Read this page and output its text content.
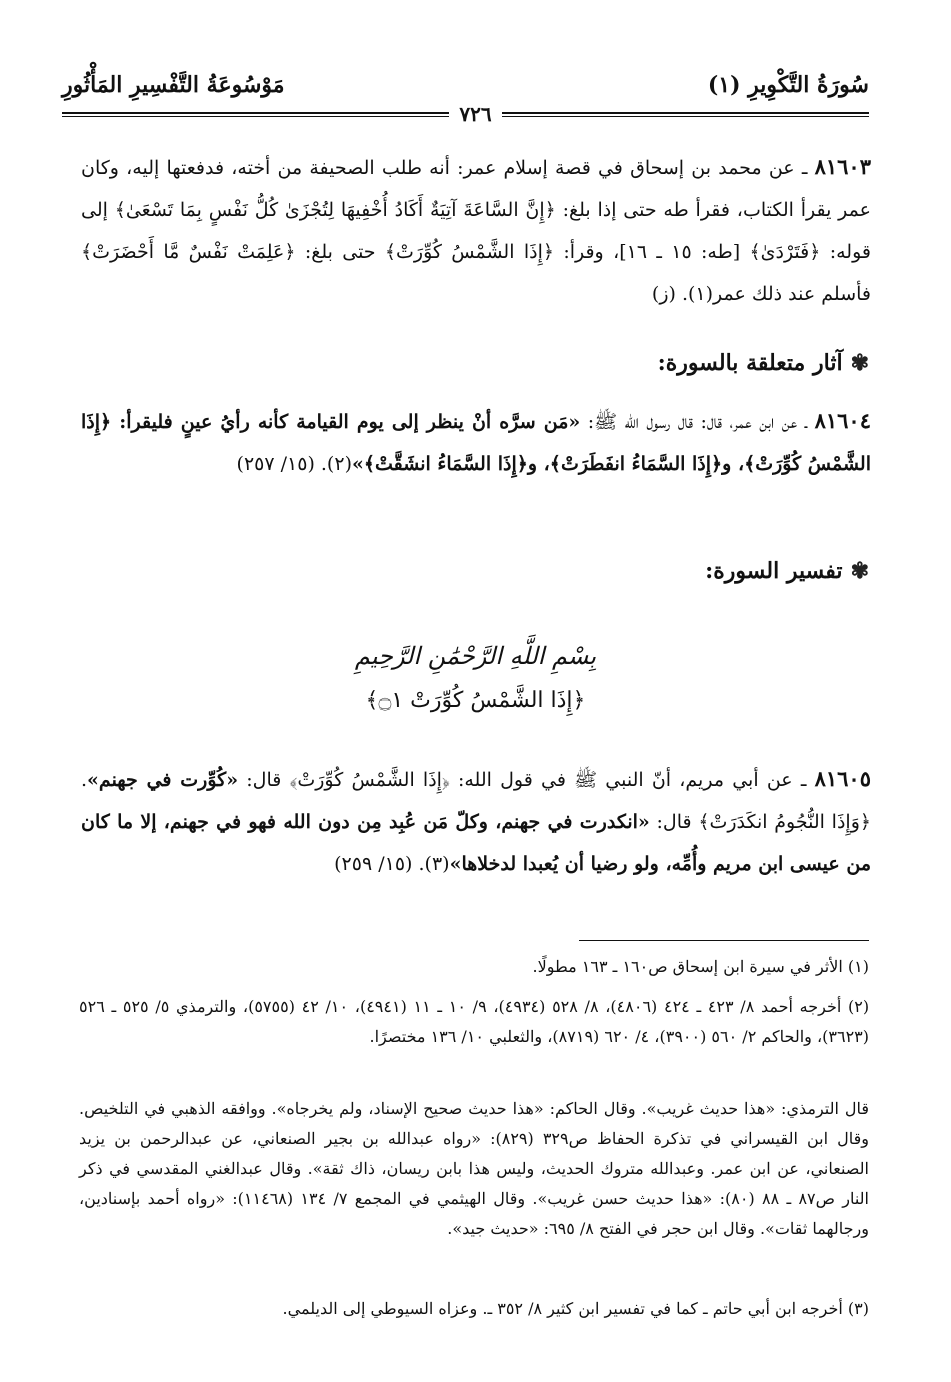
سُورَةُ التَّكْوِيرِ (١)
مَوْسُوعَةُ التَّفْسِيرِ المَأْثُورِ
٧٢٦
٨١٦٠٣ ـ عن محمد بن إسحاق في قصة إسلام عمر: أنه طلب الصحيفة من أخته، فدفعتها إليه، وكان عمر يقرأ الكتاب، فقرأ طه حتى إذا بلغ: ﴿إِنَّ السَّاعَةَ آتِيَةٌ أَكَادُ أُخْفِيهَا لِتُجْزَىٰ كُلُّ نَفْسٍ بِمَا تَسْعَىٰ﴾ إلى قوله: ﴿فَتَرْدَىٰ﴾ [طه: ١٥ ـ ١٦]، وقرأ: ﴿إِذَا الشَّمْسُ كُوِّرَتْ﴾ حتى بلغ: ﴿عَلِمَتْ نَفْسٌ مَّا أَحْضَرَتْ﴾ فأسلم عند ذلك عمر(١). (ز)
✾آثار متعلقة بالسورة:
٨١٦٠٤ ـ عن ابن عمر، قال: قال رسول الله ﷺ: «مَن سرَّه أنْ ينظر إلى يوم القيامة كأنه رأيُ عينٍ فليقرأ: ﴿إِذَا الشَّمْسُ كُوِّرَتْ﴾، و﴿إِذَا السَّمَاءُ انفَطَرَتْ﴾، و﴿إِذَا السَّمَاءُ انشَقَّتْ﴾»(٢). (١٥/ ٢٥٧)
✾تفسير السورة:
بِسْمِ اللَّهِ الرَّحْمَٰنِ الرَّحِيمِ
﴿إِذَا الشَّمْسُ كُوِّرَتْ ۝١﴾
٨١٦٠٥ ـ عن أبي مريم، أنّ النبي ﷺ في قول الله: ﴿إِذَا الشَّمْسُ كُوِّرَتْ﴾ قال: «كُوِّرت في جهنم». ﴿وَإِذَا النُّجُومُ انكَدَرَتْ﴾ قال: «انكدرت في جهنم، وكلّ مَن عُبِد مِن دون الله فهو في جهنم، إلا ما كان من عيسى ابن مريم وأُمِّه، ولو رضيا أن يُعبدا لدخلاها»(٣). (١٥/ ٢٥٩)
(١) الأثر في سيرة ابن إسحاق ص١٦٠ ـ ١٦٣ مطولًا.
(٢) أخرجه أحمد ٨/ ٤٢٣ ـ ٤٢٤ (٤٨٠٦)، ٨/ ٥٢٨ (٤٩٣٤)، ٩/ ١٠ ـ ١١ (٤٩٤١)، ١٠/ ٤٢ (٥٧٥٥)، والترمذي ٥/ ٥٢٥ ـ ٥٢٦ (٣٦٢٣)، والحاكم ٢/ ٥٦٠ (٣٩٠٠)، ٤/ ٦٢٠ (٨٧١٩)، والثعلبي ١٠/ ١٣٦ مختصرًا.
قال الترمذي: «هذا حديث غريب». وقال الحاكم: «هذا حديث صحيح الإسناد، ولم يخرجاه». ووافقه الذهبي في التلخيص. وقال ابن القيسراني في تذكرة الحفاظ ص٣٢٩ (٨٢٩): «رواه عبدالله بن بجير الصنعاني، عن عبدالرحمن بن يزيد الصنعاني، عن ابن عمر. وعبدالله متروك الحديث، وليس هذا بابن ريسان، ذاك ثقة». وقال عبدالغني المقدسي في ذكر النار ص٨٧ ـ ٨٨ (٨٠): «هذا حديث حسن غريب». وقال الهيثمي في المجمع ٧/ ١٣٤ (١١٤٦٨): «رواه أحمد بإسنادين، ورجالهما ثقات». وقال ابن حجر في الفتح ٨/ ٦٩٥: «حديث جيد».
(٣) أخرجه ابن أبي حاتم ـ كما في تفسير ابن كثير ٨/ ٣٥٢ ـ. وعزاه السيوطي إلى الديلمي.
